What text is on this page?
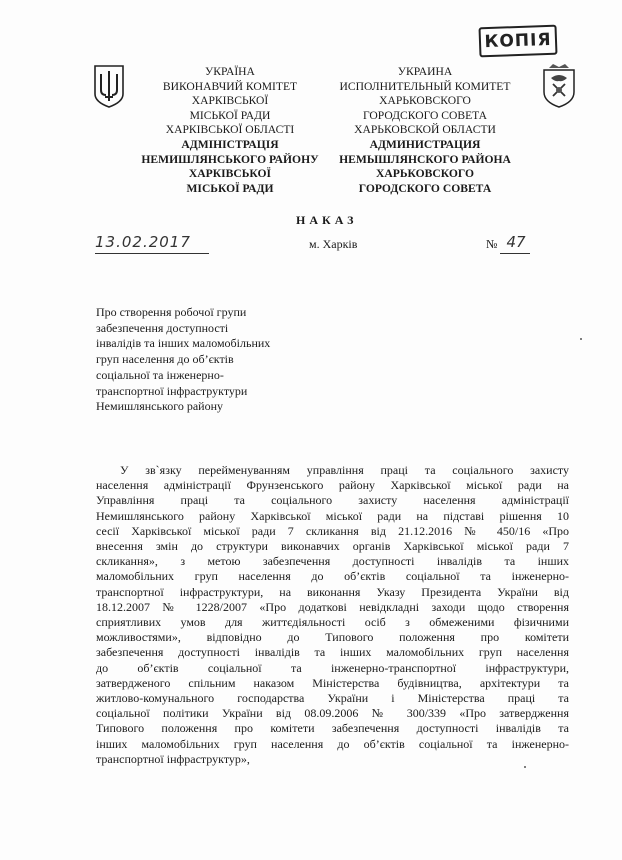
КОПІЯ
УКРАЇНА
ВИКОНАВЧИЙ КОМІТЕТ
ХАРКІВСЬКОЇ
МІСЬКОЇ РАДИ
ХАРКІВСЬКОЇ ОБЛАСТІ
АДМІНІСТРАЦІЯ
НЕМИШЛЯНСЬКОГО РАЙОНУ
ХАРКІВСЬКОЇ
МІСЬКОЇ РАДИ
УКРАИНА
ИСПОЛНИТЕЛЬНЫЙ КОМИТЕТ
ХАРЬКОВСКОГО
ГОРОДСКОГО СОВЕТА
ХАРЬКОВСКОЙ ОБЛАСТИ
АДМИНИСТРАЦИЯ
НЕМЫШЛЯНСКОГО РАЙОНА
ХАРЬКОВСКОГО
ГОРОДСКОГО СОВЕТА
НАКАЗ
13.02.2017	м. Харків	№ 47
Про створення робочої групи
забезпечення доступності
інвалідів та інших маломобільних
груп населення до об’єктів
соціальної та інженерно-
транспортної інфраструктури
Немишлянського району
У зв`язку перейменуванням управління праці та соціального захисту
населення адміністрації Фрунзенського району Харківської міської ради на
Управління праці та соціального захисту населення адміністрації
Немишлянського району Харківської міської ради на підставі рішення 10
сесії Харківської міської ради 7 скликання від 21.12.2016 № 450/16 «Про
внесення змін до структури виконавчих органів Харківської міської ради 7
скликання», з метою забезпечення доступності інвалідів та інших
маломобільних груп населення до об’єктів соціальної та інженерно-
транспортної інфраструктури, на виконання Указу Президента України від
18.12.2007 № 1228/2007 «Про додаткові невідкладні заходи щодо створення
сприятливих умов для життєдіяльності осіб з обмеженими фізичними
можливостями», відповідно до Типового положення про комітети
забезпечення доступності інвалідів та інших маломобільних груп населення
до об’єктів соціальної та інженерно-транспортної інфраструктури,
затвердженого спільним наказом Міністерства будівництва, архітектури та
житлово-комунального господарства України і Міністерства праці та
соціальної політики України від 08.09.2006 № 300/339 «Про затвердження
Типового положення про комітети забезпечення доступності інвалідів та
інших маломобільних груп населення до об’єктів соціальної та інженерно-
транспортної інфраструктур»,
